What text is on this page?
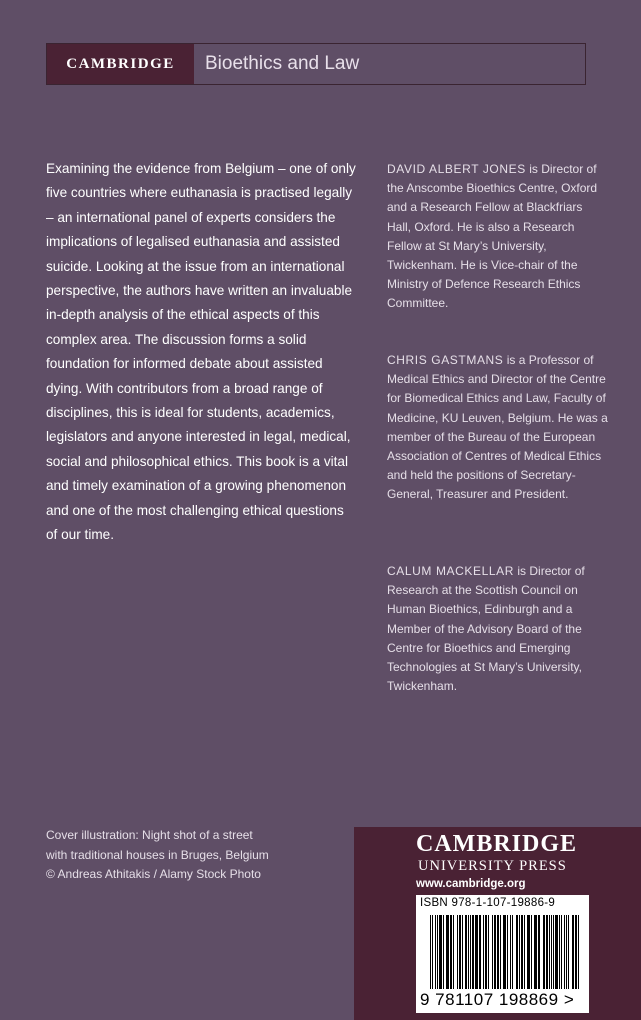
CAMBRIDGE	Bioethics and Law
Examining the evidence from Belgium – one of only five countries where euthanasia is practised legally – an international panel of experts considers the implications of legalised euthanasia and assisted suicide. Looking at the issue from an international perspective, the authors have written an invaluable in-depth analysis of the ethical aspects of this complex area. The discussion forms a solid foundation for informed debate about assisted dying. With contributors from a broad range of disciplines, this is ideal for students, academics, legislators and anyone interested in legal, medical, social and philosophical ethics. This book is a vital and timely examination of a growing phenomenon and one of the most challenging ethical questions of our time.
DAVID ALBERT JONES is Director of the Anscombe Bioethics Centre, Oxford and a Research Fellow at Blackfriars Hall, Oxford. He is also a Research Fellow at St Mary’s University, Twickenham. He is Vice-chair of the Ministry of Defence Research Ethics Committee.
CHRIS GASTMANS is a Professor of Medical Ethics and Director of the Centre for Biomedical Ethics and Law, Faculty of Medicine, KU Leuven, Belgium. He was a member of the Bureau of the European Association of Centres of Medical Ethics and held the positions of Secretary-General, Treasurer and President.
CALUM MACKELLAR is Director of Research at the Scottish Council on Human Bioethics, Edinburgh and a Member of the Advisory Board of the Centre for Bioethics and Emerging Technologies at St Mary’s University, Twickenham.
Cover illustration: Night shot of a street
with traditional houses in Bruges, Belgium
© Andreas Athitakis / Alamy Stock Photo
CAMBRIDGE
UNIVERSITY PRESS
www.cambridge.org
ISBN 978-1-107-19886-9
9 781107 198869 >
